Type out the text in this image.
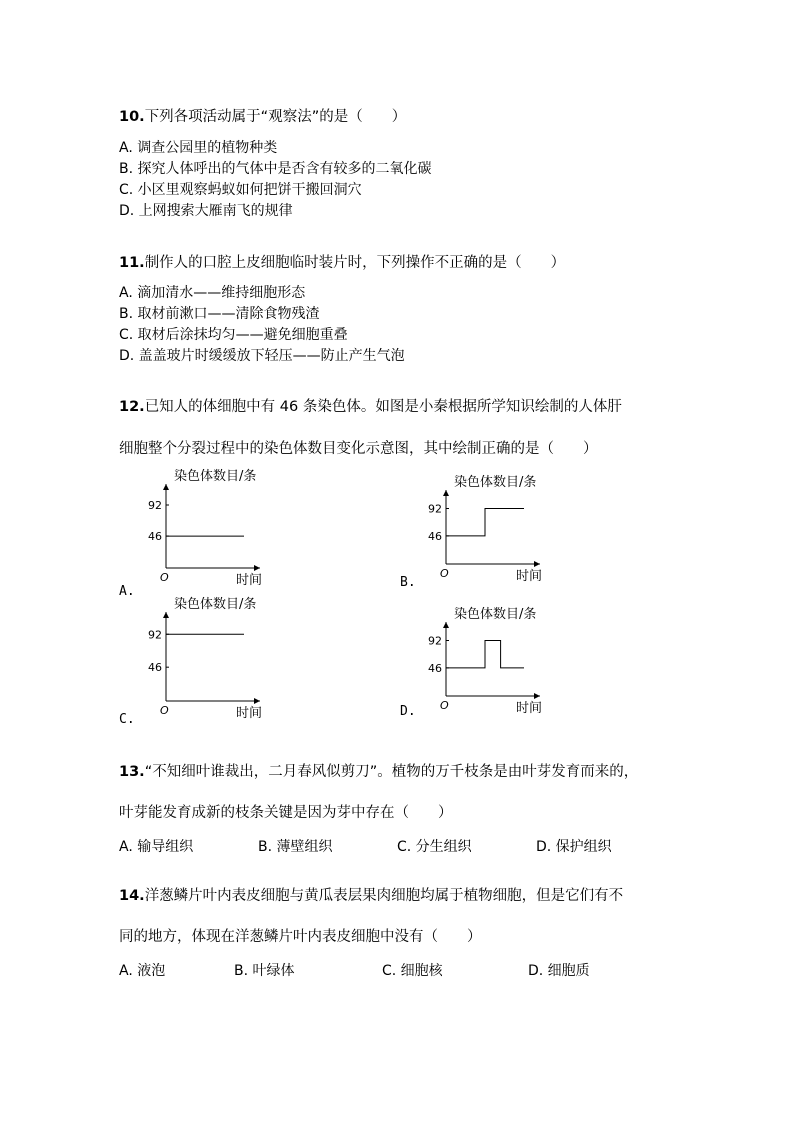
10.下列各项活动属于“观察法”的是（　　）
A. 调查公园里的植物种类
B. 探究人体呼出的气体中是否含有较多的二氧化碳
C. 小区里观察蚂蚁如何把饼干搬回洞穴
D. 上网搜索大雁南飞的规律
11.制作人的口腔上皮细胞临时装片时，下列操作不正确的是（　　）
A. 滴加清水——维持细胞形态
B. 取材前漱口——清除食物残渣
C. 取材后涂抹均匀——避免细胞重叠
D. 盖盖玻片时缓缓放下轻压——防止产生气泡
12.已知人的体细胞中有 46 条染色体。如图是小秦根据所学知识绘制的人体肝
细胞整个分裂过程中的染色体数目变化示意图，其中绘制正确的是（　　）
染色体数目/条
O	时间
46
92
A.
染色体数目/条
O	时间
46
92
B.
染色体数目/条
O	时间
46
92
C.
染色体数目/条
O	时间
46
92
D.
13.“不知细叶谁裁出，二月春风似剪刀”。植物的万千枝条是由叶芽发育而来的，
叶芽能发育成新的枝条关键是因为芽中存在（　　）
A. 输导组织	B. 薄壁组织	C. 分生组织	D. 保护组织
14.洋葱鳞片叶内表皮细胞与黄瓜表层果肉细胞均属于植物细胞，但是它们有不
同的地方，体现在洋葱鳞片叶内表皮细胞中没有（　　）
A. 液泡	B. 叶绿体	C. 细胞核	D. 细胞质
